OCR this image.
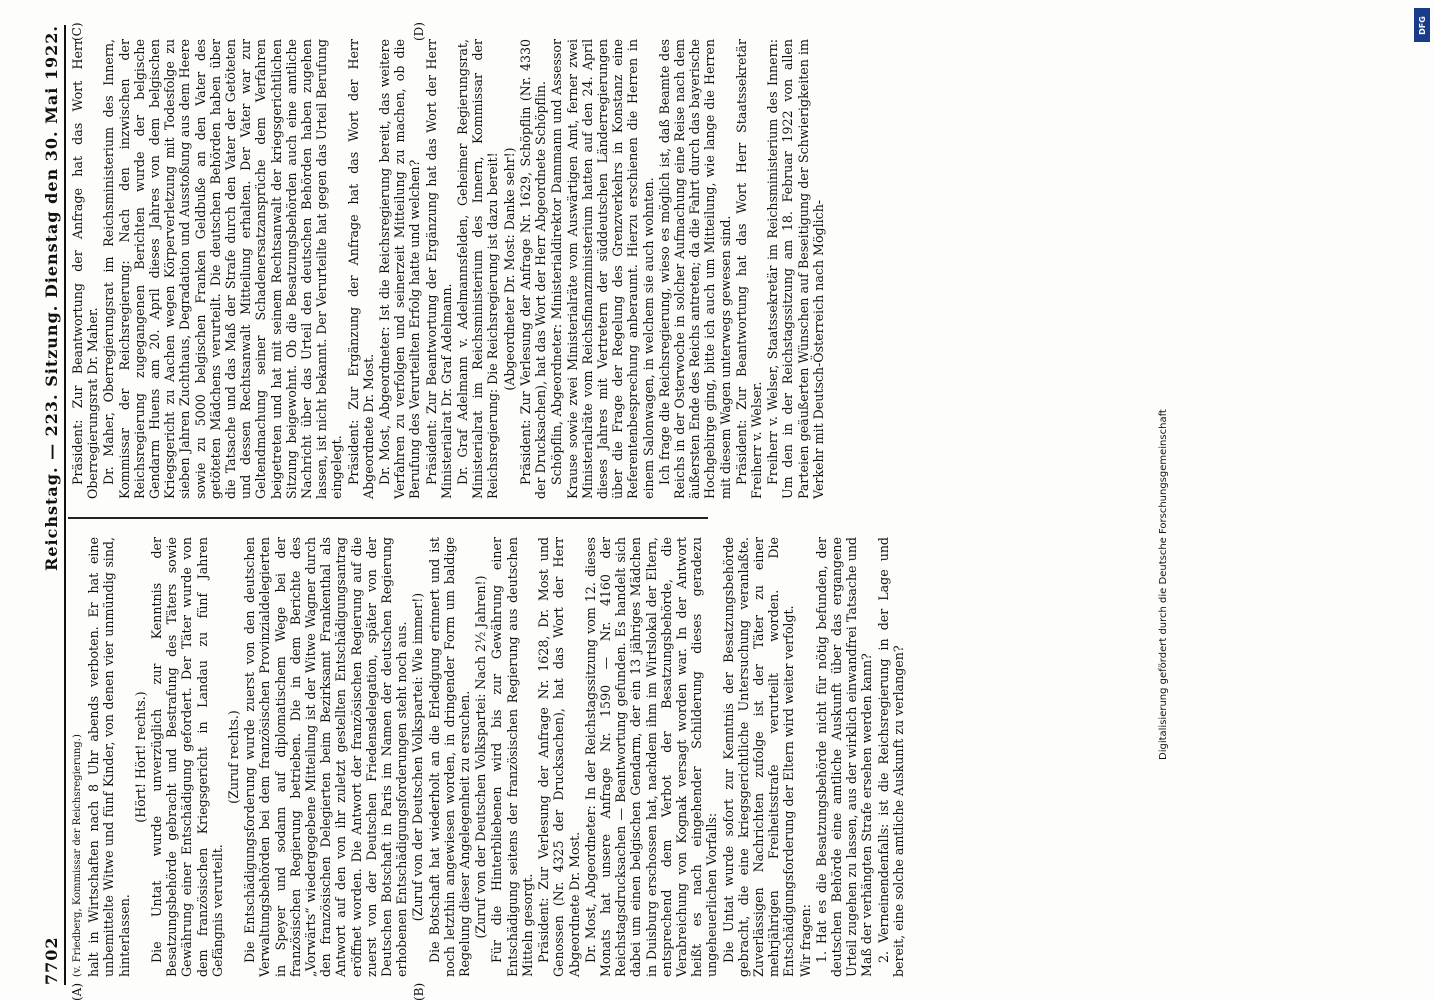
7702
Reichstag. — 223. Sitzung. Dienstag den 30. Mai 1922.
(A)	(B)
(C)	(D)

(v. Friedberg, Kommissar der Reichsregierung.) halt in Wirtschaften nach 8 Uhr abends verboten. Er hat eine unbemittelte Witwe und fünf Kinder, von denen vier unmündig sind, hinterlassen.

(Hört! Hört! rechts.) Die Untat wurde unverzüglich zur Kenntnis der Besatzungsbehörde gebracht und Bestrafung des Täters sowie Gewährung einer Entschädigung gefordert. Der Täter wurde von dem französischen Kriegsgericht in Landau zu fünf Jahren Gefängnis verurteilt.

(Zuruf rechts.) Die Entschädigungsforderung wurde zuerst von den deutschen Verwaltungsbehörden bei dem französischen Provinzialdelegierten in Speyer und sodann auf diplomatischem Wege bei der französischen Regierung betrieben. Die in dem Berichte des „Vorwärts“ wiedergegebene Mitteilung ist der Witwe Wagner durch den französischen Delegierten beim Bezirksamt Frankenthal als Antwort auf den von ihr zuletzt gestellten Entschädigungsantrag eröffnet worden. Die Antwort der französischen Regierung auf die zuerst von der Deutschen Friedensdelegation, später von der Deutschen Botschaft in Paris im Namen der deutschen Regierung erhobenen Entschädigungsforderungen steht noch aus. (Zuruf von der Deutschen Volkspartei: Wie immer!) Die Botschaft hat wiederholt an die Erledigung erinnert und ist noch letzthin angewiesen worden, in dringender Form um baldige Regelung dieser Angelegenheit zu ersuchen. (Zuruf von der Deutschen Volkspartei: Nach 2½ Jahren!) Für die Hinterbliebenen wird bis zur Gewährung einer Entschädigung seitens der französischen Regierung aus deutschen Mitteln gesorgt. Präsident: Zur Verlesung der Anfrage Nr. 1628, Dr. Most und Genossen (Nr. 4325 der Drucksachen), hat das Wort der Herr Abgeordnete Dr. Most. Dr. Most, Abgeordneter: In der Reichstagssitzung vom 12. dieses Monats hat unsere Anfrage Nr. 1590 — Nr. 4160 der Reichstagsdrucksachen — Beantwortung gefunden. Es handelt sich dabei um einen belgischen Gendarm, der ein 13 jähriges Mädchen in Duisburg erschossen hat, nachdem ihm im Wirtslokal der Eltern, entsprechend dem Verbot der Besatzungsbehörde, die Verabreichung von Kognak versagt worden war. In der Antwort heißt es nach eingehender Schilderung dieses geradezu ungeheuerlichen Vorfalls: Die Untat wurde sofort zur Kenntnis der Besatzungsbehörde gebracht, die eine kriegsgerichtliche Untersuchung veranlaßte. Zuverlässigen Nachrichten zufolge ist der Täter zu einer mehrjährigen Freiheitsstrafe verurteilt worden. Die Entschädigungsforderung der Eltern wird weiter verfolgt. Wir fragen: 1. Hat es die Besatzungsbehörde nicht für nötig befunden, der deutschen Behörde eine amtliche Auskunft über das ergangene Urteil zugehen zu lassen, aus der wirklich einwandfrei Tatsache und Maß der verhängten Strafe ersehen werden kann? 2. Verneinendenfalls: ist die Reichsregierung in der Lage und bereit, eine solche amtliche Auskunft zu verlangen?

Präsident: Zur Beantwortung der Anfrage hat das Wort Herr Oberregierungsrat Dr. Maher. Dr. Maher, Oberregierungsrat im Reichsministerium des Innern, Kommissar der Reichsregierung: Nach den inzwischen der Reichsregierung zugegangenen Berichten wurde der belgische Gendarm Huens am 20. April dieses Jahres von dem belgischen Kriegsgericht zu Aachen wegen Körperverletzung mit Todesfolge zu sieben Jahren Zuchthaus, Degradation und Ausstoßung aus dem Heere sowie zu 5000 belgischen Franken Geldbuße an den Vater des getöteten Mädchens verurteilt. Die deutschen Behörden haben über die Tatsache und das Maß der Strafe durch den Vater der Getöteten und dessen Rechtsanwalt Mitteilung erhalten. Der Vater war zur Geltendmachung seiner Schadenersatzansprüche dem Verfahren beigetreten und hat mit seinem Rechtsanwalt der kriegsgerichtlichen Sitzung beigewohnt. Ob die Besatzungsbehörden auch eine amtliche Nachricht über das Urteil den deutschen Behörden haben zugehen lassen, ist nicht bekannt. Der Verurteilte hat gegen das Urteil Berufung eingelegt. Präsident: Zur Ergänzung der Anfrage hat das Wort der Herr Abgeordnete Dr. Most. Dr. Most, Abgeordneter: Ist die Reichsregierung bereit, das weitere Verfahren zu verfolgen und seinerzeit Mitteilung zu machen, ob die Berufung des Verurteilten Erfolg hatte und welchen? Präsident: Zur Beantwortung der Ergänzung hat das Wort der Herr Ministerialrat Dr. Graf Adelmann. Dr. Graf Adelmann v. Adelmannsfelden, Geheimer Regierungsrat, Ministerialrat im Reichsministerium des Innern, Kommissar der Reichsregierung: Die Reichsregierung ist dazu bereit! (Abgeordneter Dr. Most: Danke sehr!) Präsident: Zur Verlesung der Anfrage Nr. 1629, Schöpflin (Nr. 4330 der Drucksachen), hat das Wort der Herr Abgeordnete Schöpflin. Schöpflin, Abgeordneter: Ministerialdirektor Dammann und Assessor Krause sowie zwei Ministerialräte vom Auswärtigen Amt, ferner zwei Ministerialräte vom Reichsfinanzministerium hatten auf den 24. April dieses Jahres mit Vertretern der süddeutschen Länderregierungen über die Frage der Regelung des Grenzverkehrs in Konstanz eine Referentenbesprechung anberaumt. Hierzu erschienen die Herren in einem Salonwagen, in welchem sie auch wohnten. Ich frage die Reichsregierung, wieso es möglich ist, daß Beamte des Reichs in der Osterwoche in solcher Aufmachung eine Reise nach dem äußersten Ende des Reichs antreten; da die Fahrt durch das bayerische Hochgebirge ging, bitte ich auch um Mitteilung, wie lange die Herren mit diesem Wagen unterwegs gewesen sind. Präsident: Zur Beantwortung hat das Wort Herr Staatssekretär Freiherr v. Welser. Freiherr v. Welser, Staatssekretär im Reichsministerium des Innern: Um den in der Reichstagssitzung am 18. Februar 1922 von allen Parteien geäußerten Wünschen auf Beseitigung der Schwierigkeiten im Verkehr mit Deutsch-Österreich nach Möglich-

DFG
Digitalisierung gefördert durch die Deutsche Forschungsgemeinschaft
